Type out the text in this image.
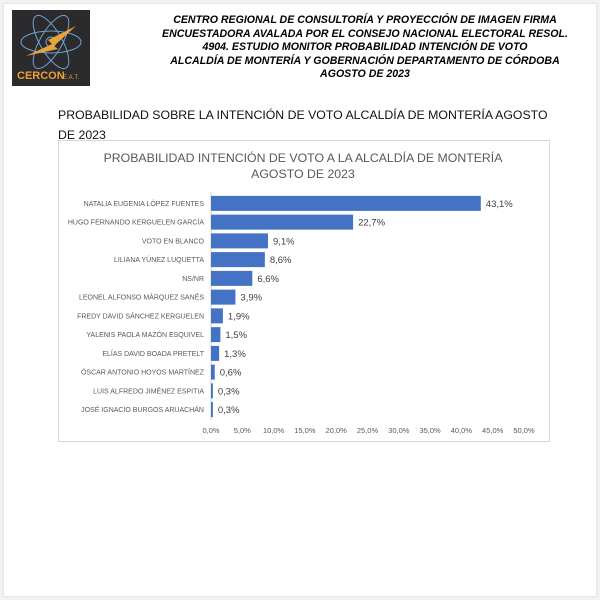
CERCON
E.A.T.
CENTRO REGIONAL DE CONSULTORÍA Y PROYECCIÓN DE IMAGEN FIRMA
ENCUESTADORA AVALADA POR EL CONSEJO NACIONAL ELECTORAL RESOL.
4904. ESTUDIO MONITOR PROBABILIDAD INTENCIÓN DE VOTO
ALCALDÍA DE MONTERÍA Y GOBERNACIÓN DEPARTAMENTO DE CÓRDOBA
AGOSTO DE 2023
PROBABILIDAD SOBRE LA INTENCIÓN DE VOTO ALCALDÍA DE MONTERÍA AGOSTO DE 2023
PROBABILIDAD INTENCIÓN DE VOTO A LA ALCALDÍA DE MONTERÍA
AGOSTO DE 2023
NATALIA EUGENIA LÓPEZ FUENTES	43,1%
HUGO FERNANDO KERGUELEN GARCÍA	22,7%
VOTO EN BLANCO	9,1%
LILIANA YÚNEZ LUQUETTA	8,6%
NS/NR	6,6%
LEONEL ALFONSO MÁRQUEZ SANÉS	3,9%
FREDY DAVID SÁNCHEZ KERGUELEN	1,9%
YALENIS PAOLA MAZÓN ESQUIVEL 1,5%
ELÍAS DAVID BOADA PRETELT 1,3%
ÓSCAR ANTONIO HOYOS MARTÍNEZ 0,6%
LUIS ALFREDO JIMÉNEZ ESPITIA 0,3%
JOSÉ IGNACIO BURGOS ARUACHÁN 0,3%
0,0% 5,0% 10,0% 15,0% 20,0% 25,0% 30,0% 35,0% 40,0% 45,0% 50,0%
